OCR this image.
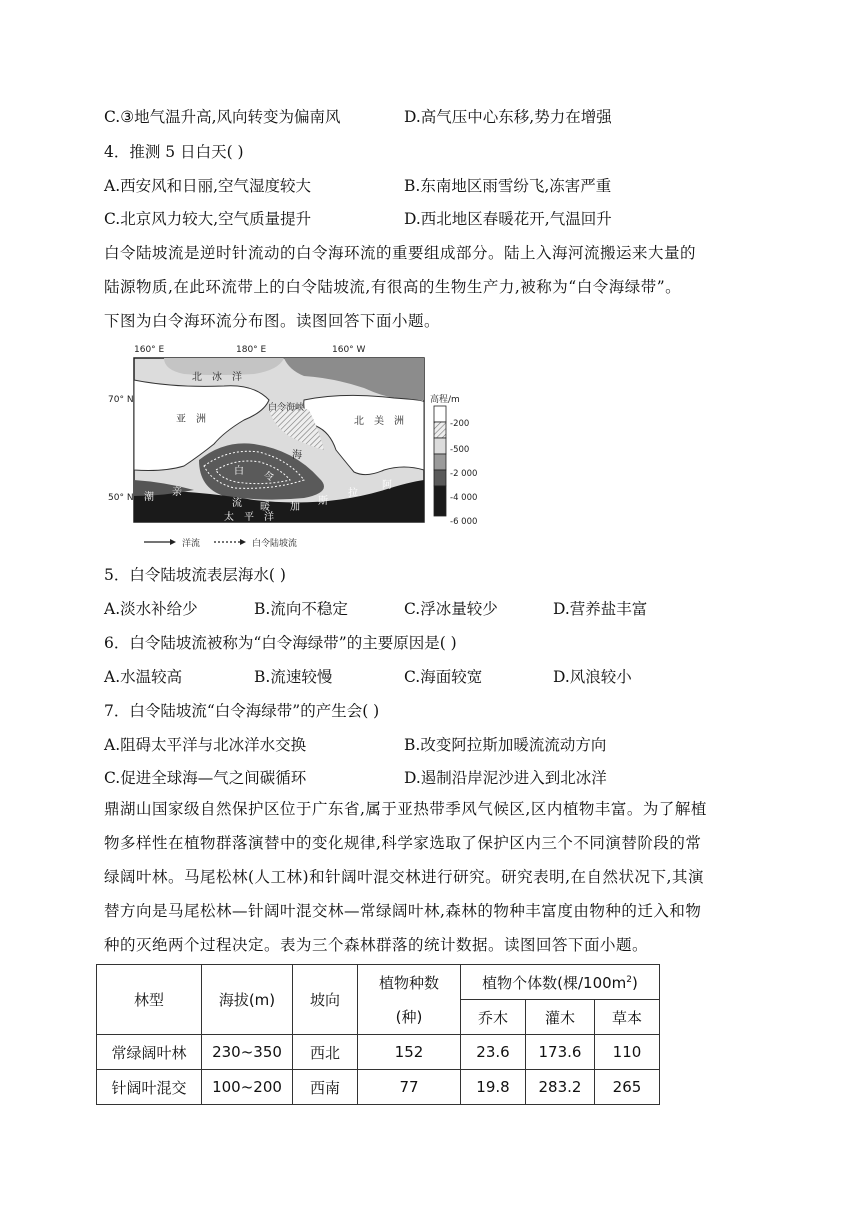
C.③地气温升高,风向转变为偏南风	D.高气压中心东移,势力在增强
4．推测 5 日白天( )
A.西安风和日丽,空气湿度较大	B.东南地区雨雪纷飞,冻害严重
C.北京风力较大,空气质量提升	D.西北地区春暖花开,气温回升
白令陆坡流是逆时针流动的白令海环流的重要组成部分。陆上入海河流搬运来大量的
陆源物质,在此环流带上的白令陆坡流,有很高的生物生产力,被称为“白令海绿带”。
下图为白令海环流分布图。读图回答下面小题。
160° E	180° E	160° W
70° N
50° N
北　冰　洋
亚　洲	北　美　洲
白令海峡
海
白
令
潮 亲
流 暖 加
斯
拉
阿
太　平　洋
高程/m
-200
-500
-2 000
-4 000
-6 000
洋流	白令陆坡流
5．白令陆坡流表层海水( )
A.淡水补给少	B.流向不稳定	C.浮冰量较少	D.营养盐丰富
6．白令陆坡流被称为“白令海绿带”的主要原因是( )
A.水温较高	B.流速较慢	C.海面较宽	D.风浪较小
7．白令陆坡流“白令海绿带”的产生会( )
A.阻碍太平洋与北冰洋水交换	B.改变阿拉斯加暖流流动方向
C.促进全球海—气之间碳循环	D.遏制沿岸泥沙进入到北冰洋
鼎湖山国家级自然保护区位于广东省,属于亚热带季风气候区,区内植物丰富。为了解植
物多样性在植物群落演替中的变化规律,科学家选取了保护区内三个不同演替阶段的常
绿阔叶林。马尾松林(人工林)和针阔叶混交林进行研究。研究表明,在自然状况下,其演
替方向是马尾松林—针阔叶混交林—常绿阔叶林,森林的物种丰富度由物种的迁入和物
种的灭绝两个过程决定。表为三个森林群落的统计数据。读图回答下面小题。
林型	海拔(m)	坡向	植物种数
(种)	植物个体数(棵$/100m^2$)		
				乔木	灌木	草本
常绿阔叶林	230~350	西北	152	23.6	173.6	110
针阔叶混交	100~200	西南	77	19.8	283.2	265
